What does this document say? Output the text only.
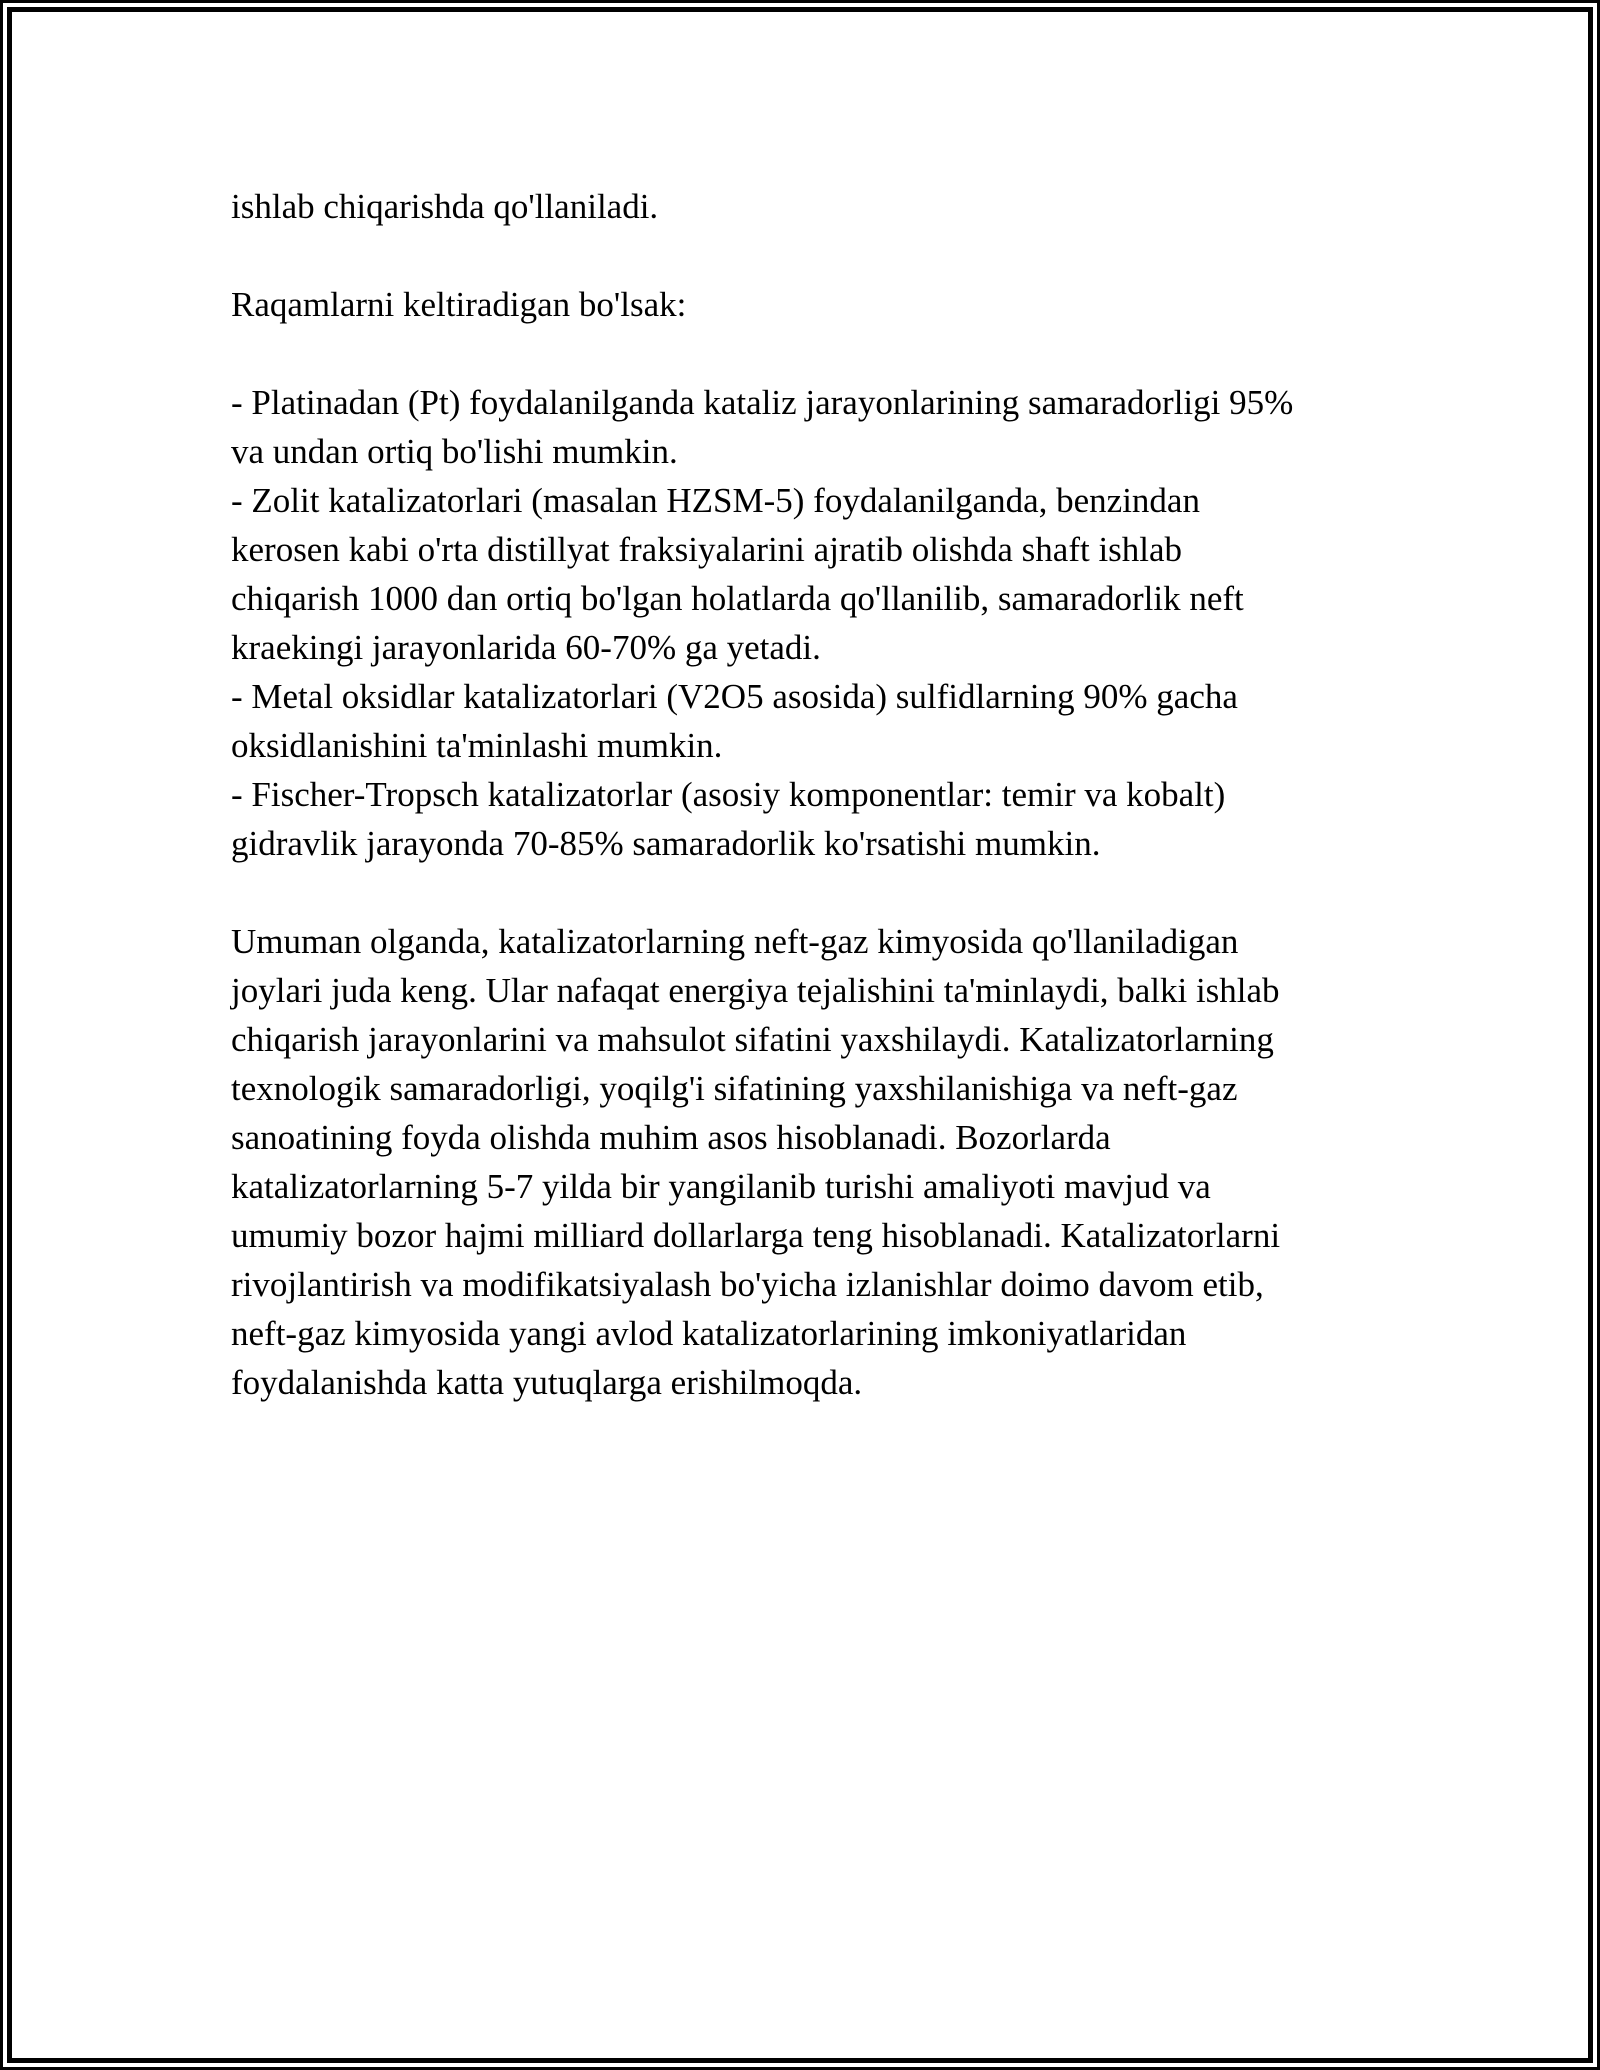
ishlab chiqarishda qo'llaniladi.
Raqamlarni keltiradigan bo'lsak:
- Platinadan (Pt) foydalanilganda kataliz jarayonlarining samaradorligi 95%
va undan ortiq bo'lishi mumkin.
- Zolit katalizatorlari (masalan HZSM-5) foydalanilganda, benzindan
kerosen kabi o'rta distillyat fraksiyalarini ajratib olishda shaft ishlab
chiqarish 1000 dan ortiq bo'lgan holatlarda qo'llanilib, samaradorlik neft
kraekingi jarayonlarida 60-70% ga yetadi.
- Metal oksidlar katalizatorlari (V2O5 asosida) sulfidlarning 90% gacha
oksidlanishini ta'minlashi mumkin.
- Fischer-Tropsch katalizatorlar (asosiy komponentlar: temir va kobalt)
gidravlik jarayonda 70-85% samaradorlik ko'rsatishi mumkin.
Umuman olganda, katalizatorlarning neft-gaz kimyosida qo'llaniladigan
joylari juda keng. Ular nafaqat energiya tejalishini ta'minlaydi, balki ishlab
chiqarish jarayonlarini va mahsulot sifatini yaxshilaydi. Katalizatorlarning
texnologik samaradorligi, yoqilg'i sifatining yaxshilanishiga va neft-gaz
sanoatining foyda olishda muhim asos hisoblanadi. Bozorlarda
katalizatorlarning 5-7 yilda bir yangilanib turishi amaliyoti mavjud va
umumiy bozor hajmi milliard dollarlarga teng hisoblanadi. Katalizatorlarni
rivojlantirish va modifikatsiyalash bo'yicha izlanishlar doimo davom etib,
neft-gaz kimyosida yangi avlod katalizatorlarining imkoniyatlaridan
foydalanishda katta yutuqlarga erishilmoqda.
